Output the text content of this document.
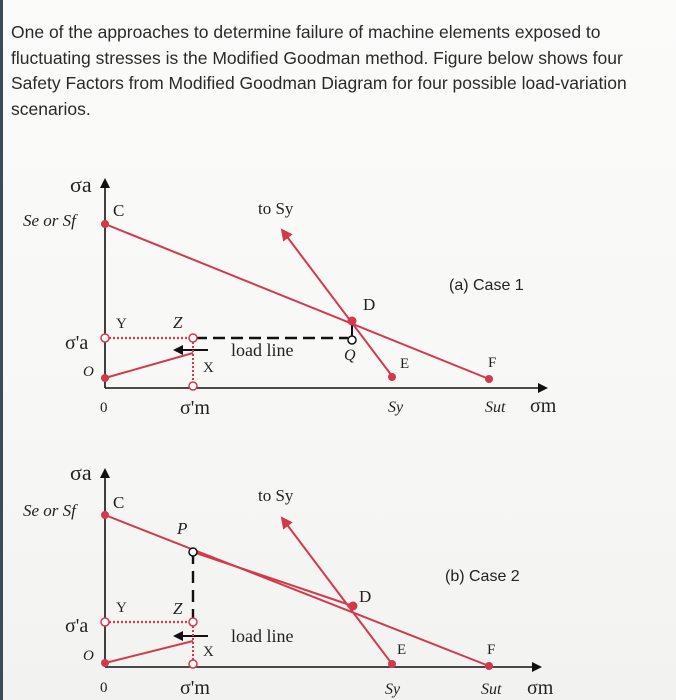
One of the approaches to determine failure of machine elements exposed to fluctuating stresses is the Modified Goodman method. Figure below shows four Safety Factors from Modified Goodman Diagram for four possible load-variation scenarios.

σa
Se or Sf
C	to Sy
(a) Case 1
D
Y	Z
σ'a	load line	Q
X	E	F
O
0	σ'm	Sy	Sut σm
σa
Se or Sf C	to Sy
P
(b) Case 2
D
Y	Z
σ'a	load line
X	E	F
O
0	σ'm	Sy	Sut σm
